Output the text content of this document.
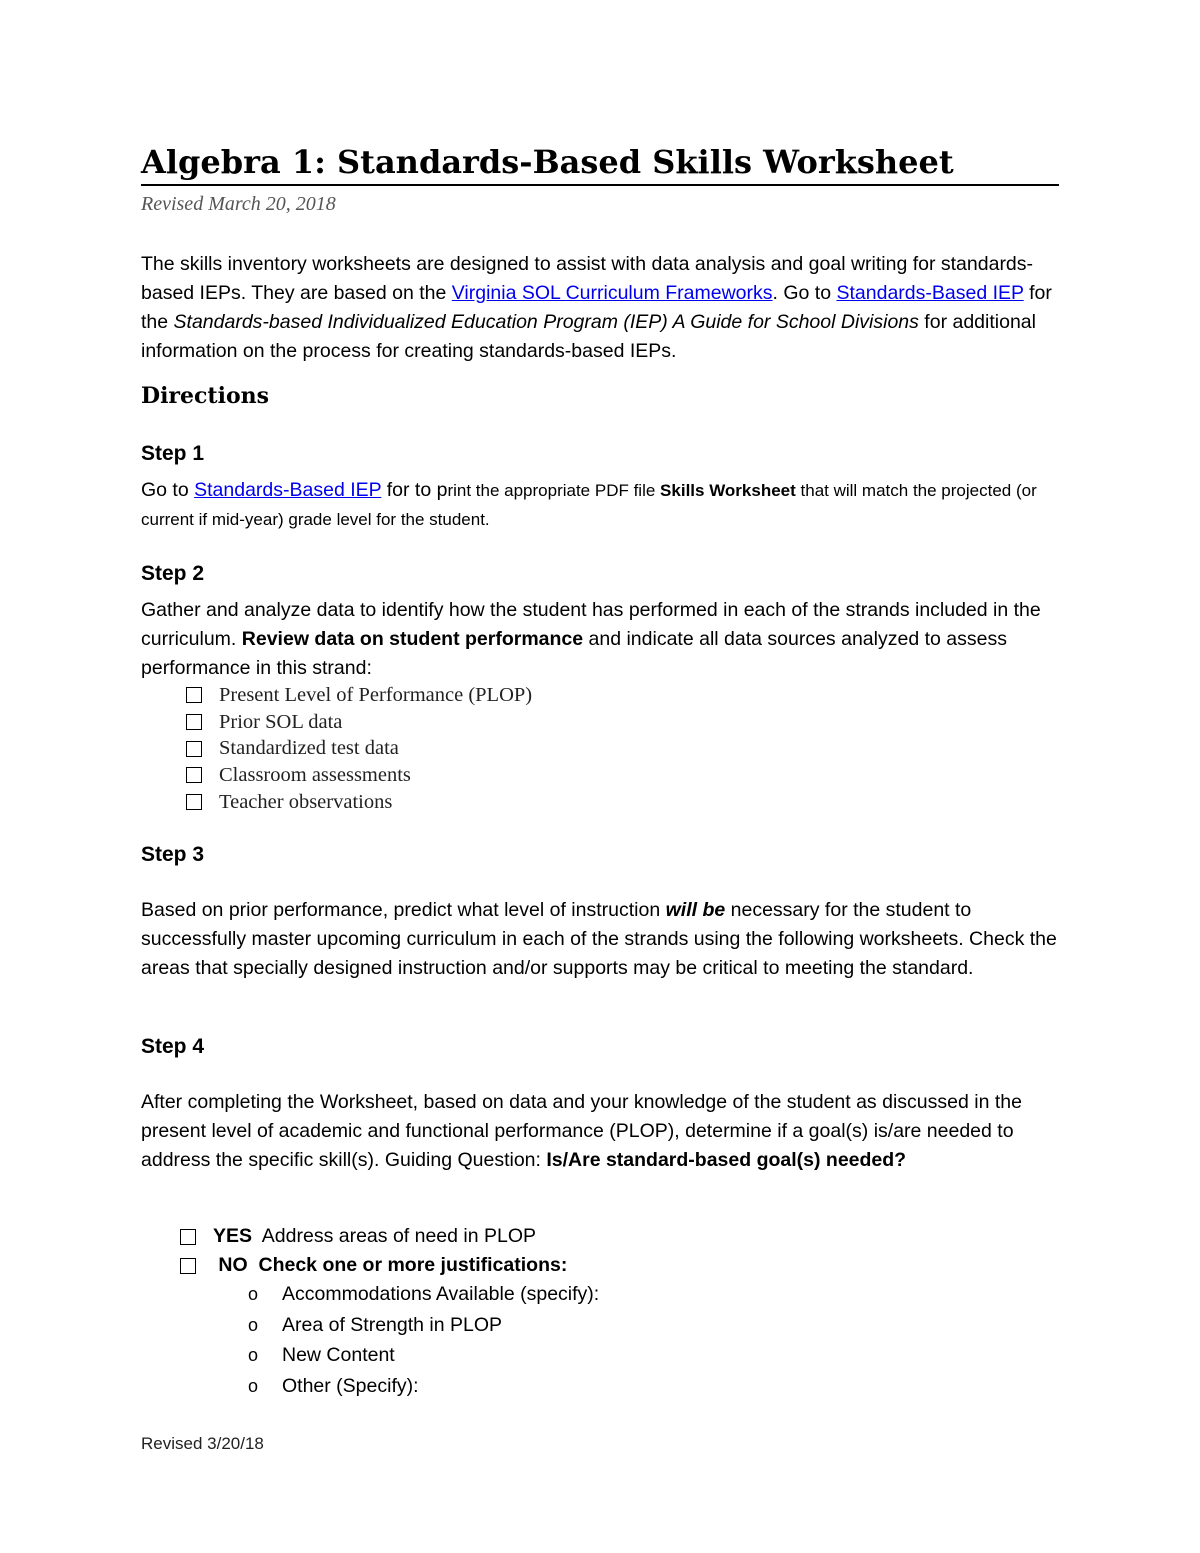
Algebra 1: Standards-Based Skills Worksheet
Revised March 20, 2018

The skills inventory worksheets are designed to assist with data analysis and goal writing for standards-based IEPs. They are based on the Virginia SOL Curriculum Frameworks. Go to Standards-Based IEP for the Standards-based Individualized Education Program (IEP) A Guide for School Divisions for additional information on the process for creating standards-based IEPs.

Directions
Step 1

Go to Standards-Based IEP for to print the appropriate PDF file Skills Worksheet that will match the projected (or current if mid-year) grade level for the student.

Step 2

Gather and analyze data to identify how the student has performed in each of the strands included in the curriculum. Review data on student performance and indicate all data sources analyzed to assess performance in this strand:

Present Level of Performance (PLOP)
Prior SOL data
Standardized test data
Classroom assessments
Teacher observations
Step 3

Based on prior performance, predict what level of instruction will be necessary for the student to successfully master upcoming curriculum in each of the strands using the following worksheets. Check the areas that specially designed instruction and/or supports may be critical to meeting the standard.

Step 4

After completing the Worksheet, based on data and your knowledge of the student as discussed in the present level of academic and functional performance (PLOP), determine if a goal(s) is/are needed to address the specific skill(s). Guiding Question: Is/Are standard-based goal(s) needed?

YES Address areas of need in PLOP
NO  Check one or more justifications:
o	Accommodations Available (specify):
o	Area of Strength in PLOP
o	New Content
o	Other (Specify):
Revised 3/20/18
